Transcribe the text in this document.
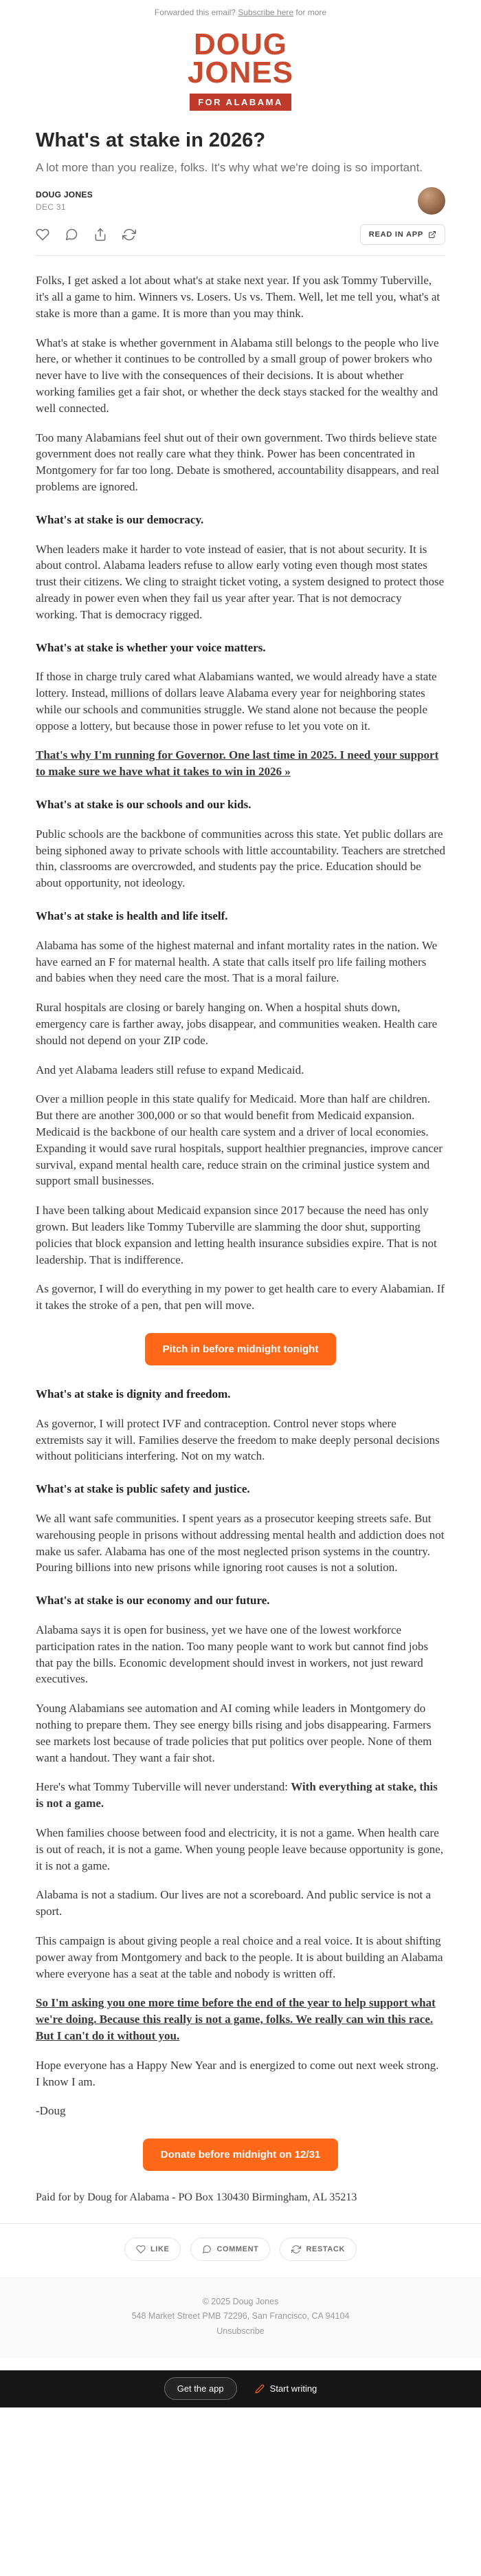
Forwarded this email? Subscribe here for more
DOUG
JONES
FOR ALABAMA
What's at stake in 2026?

A lot more than you realize, folks. It's why what we're doing is so important.

DOUG JONES
DEC 31
READ IN APP

Folks, I get asked a lot about what's at stake next year. If you ask Tommy Tuberville, it's all a game to him. Winners vs. Losers. Us vs. Them. Well, let me tell you, what's at stake is more than a game. It is more than you may think.

What's at stake is whether government in Alabama still belongs to the people who live here, or whether it continues to be controlled by a small group of power brokers who never have to live with the consequences of their decisions. It is about whether working families get a fair shot, or whether the deck stays stacked for the wealthy and well connected.

Too many Alabamians feel shut out of their own government. Two thirds believe state government does not really care what they think. Power has been concentrated in Montgomery for far too long. Debate is smothered, accountability disappears, and real problems are ignored.

What's at stake is our democracy.

When leaders make it harder to vote instead of easier, that is not about security. It is about control. Alabama leaders refuse to allow early voting even though most states trust their citizens. We cling to straight ticket voting, a system designed to protect those already in power even when they fail us year after year. That is not democracy working. That is democracy rigged.

What's at stake is whether your voice matters.

If those in charge truly cared what Alabamians wanted, we would already have a state lottery. Instead, millions of dollars leave Alabama every year for neighboring states while our schools and communities struggle. We stand alone not because the people oppose a lottery, but because those in power refuse to let you vote on it.

That's why I'm running for Governor. One last time in 2025. I need your support to make sure we have what it takes to win in 2026 »

What's at stake is our schools and our kids.

Public schools are the backbone of communities across this state. Yet public dollars are being siphoned away to private schools with little accountability. Teachers are stretched thin, classrooms are overcrowded, and students pay the price. Education should be about opportunity, not ideology.

What's at stake is health and life itself.

Alabama has some of the highest maternal and infant mortality rates in the nation. We have earned an F for maternal health. A state that calls itself pro life failing mothers and babies when they need care the most. That is a moral failure.

Rural hospitals are closing or barely hanging on. When a hospital shuts down, emergency care is farther away, jobs disappear, and communities weaken. Health care should not depend on your ZIP code.

And yet Alabama leaders still refuse to expand Medicaid.

Over a million people in this state qualify for Medicaid. More than half are children. But there are another 300,000 or so that would benefit from Medicaid expansion. Medicaid is the backbone of our health care system and a driver of local economies. Expanding it would save rural hospitals, support healthier pregnancies, improve cancer survival, expand mental health care, reduce strain on the criminal justice system and support small businesses.

I have been talking about Medicaid expansion since 2017 because the need has only grown. But leaders like Tommy Tuberville are slamming the door shut, supporting policies that block expansion and letting health insurance subsidies expire. That is not leadership. That is indifference.

As governor, I will do everything in my power to get health care to every Alabamian. If it takes the stroke of a pen, that pen will move.

Pitch in before midnight tonight

What's at stake is dignity and freedom.

As governor, I will protect IVF and contraception. Control never stops where extremists say it will. Families deserve the freedom to make deeply personal decisions without politicians interfering. Not on my watch.

What's at stake is public safety and justice.

We all want safe communities. I spent years as a prosecutor keeping streets safe. But warehousing people in prisons without addressing mental health and addiction does not make us safer. Alabama has one of the most neglected prison systems in the country. Pouring billions into new prisons while ignoring root causes is not a solution.

What's at stake is our economy and our future.

Alabama says it is open for business, yet we have one of the lowest workforce participation rates in the nation. Too many people want to work but cannot find jobs that pay the bills. Economic development should invest in workers, not just reward executives.

Young Alabamians see automation and AI coming while leaders in Montgomery do nothing to prepare them. They see energy bills rising and jobs disappearing. Farmers see markets lost because of trade policies that put politics over people. None of them want a handout. They want a fair shot.

Here's what Tommy Tuberville will never understand: With everything at stake, this is not a game.

When families choose between food and electricity, it is not a game. When health care is out of reach, it is not a game. When young people leave because opportunity is gone, it is not a game.

Alabama is not a stadium. Our lives are not a scoreboard. And public service is not a sport.

This campaign is about giving people a real choice and a real voice. It is about shifting power away from Montgomery and back to the people. It is about building an Alabama where everyone has a seat at the table and nobody is written off.

So I'm asking you one more time before the end of the year to help support what we're doing. Because this really is not a game, folks. We really can win this race. But I can't do it without you.

Hope everyone has a Happy New Year and is energized to come out next week strong. I know I am.

-Doug

Donate before midnight on 12/31

Paid for by Doug for Alabama - PO Box 130430 Birmingham, AL 35213

LIKE	COMMENT	RESTACK
© 2025 Doug Jones
548 Market Street PMB 72296, San Francisco, CA 94104
Unsubscribe
Get the app	Start writing
